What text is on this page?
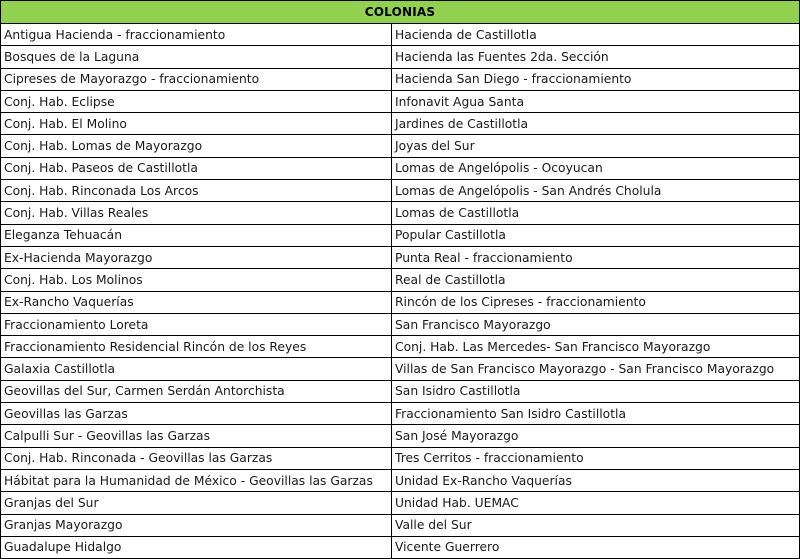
COLONIAS	
Antigua Hacienda - fraccionamiento	Hacienda de Castillotla
Bosques de la Laguna	Hacienda las Fuentes 2da. Sección
Cipreses de Mayorazgo - fraccionamiento	Hacienda San Diego - fraccionamiento
Conj. Hab. Eclipse	Infonavit Agua Santa
Conj. Hab. El Molino	Jardines de Castillotla
Conj. Hab. Lomas de Mayorazgo	Joyas del Sur
Conj. Hab. Paseos de Castillotla	Lomas de Angelópolis - Ocoyucan
Conj. Hab. Rinconada Los Arcos	Lomas de Angelópolis - San Andrés Cholula
Conj. Hab. Villas Reales	Lomas de Castillotla
Eleganza Tehuacán	Popular Castillotla
Ex-Hacienda Mayorazgo	Punta Real - fraccionamiento
Conj. Hab. Los Molinos	Real de Castillotla
Ex-Rancho Vaquerías	Rincón de los Cipreses - fraccionamiento
Fraccionamiento Loreta	San Francisco Mayorazgo
Fraccionamiento Residencial Rincón de los Reyes	Conj. Hab. Las Mercedes- San Francisco Mayorazgo
Galaxia Castillotla	Villas de San Francisco Mayorazgo - San Francisco Mayorazgo
Geovillas del Sur, Carmen Serdán Antorchista	San Isidro Castillotla
Geovillas las Garzas	Fraccionamiento San Isidro Castillotla
Calpulli Sur - Geovillas las Garzas	San José Mayorazgo
Conj. Hab. Rinconada - Geovillas las Garzas	Tres Cerritos - fraccionamiento
Hábitat para la Humanidad de México - Geovillas las Garzas	Unidad Ex-Rancho Vaquerías
Granjas del Sur	Unidad Hab. UEMAC
Granjas Mayorazgo	Valle del Sur
Guadalupe Hidalgo	Vicente Guerrero
